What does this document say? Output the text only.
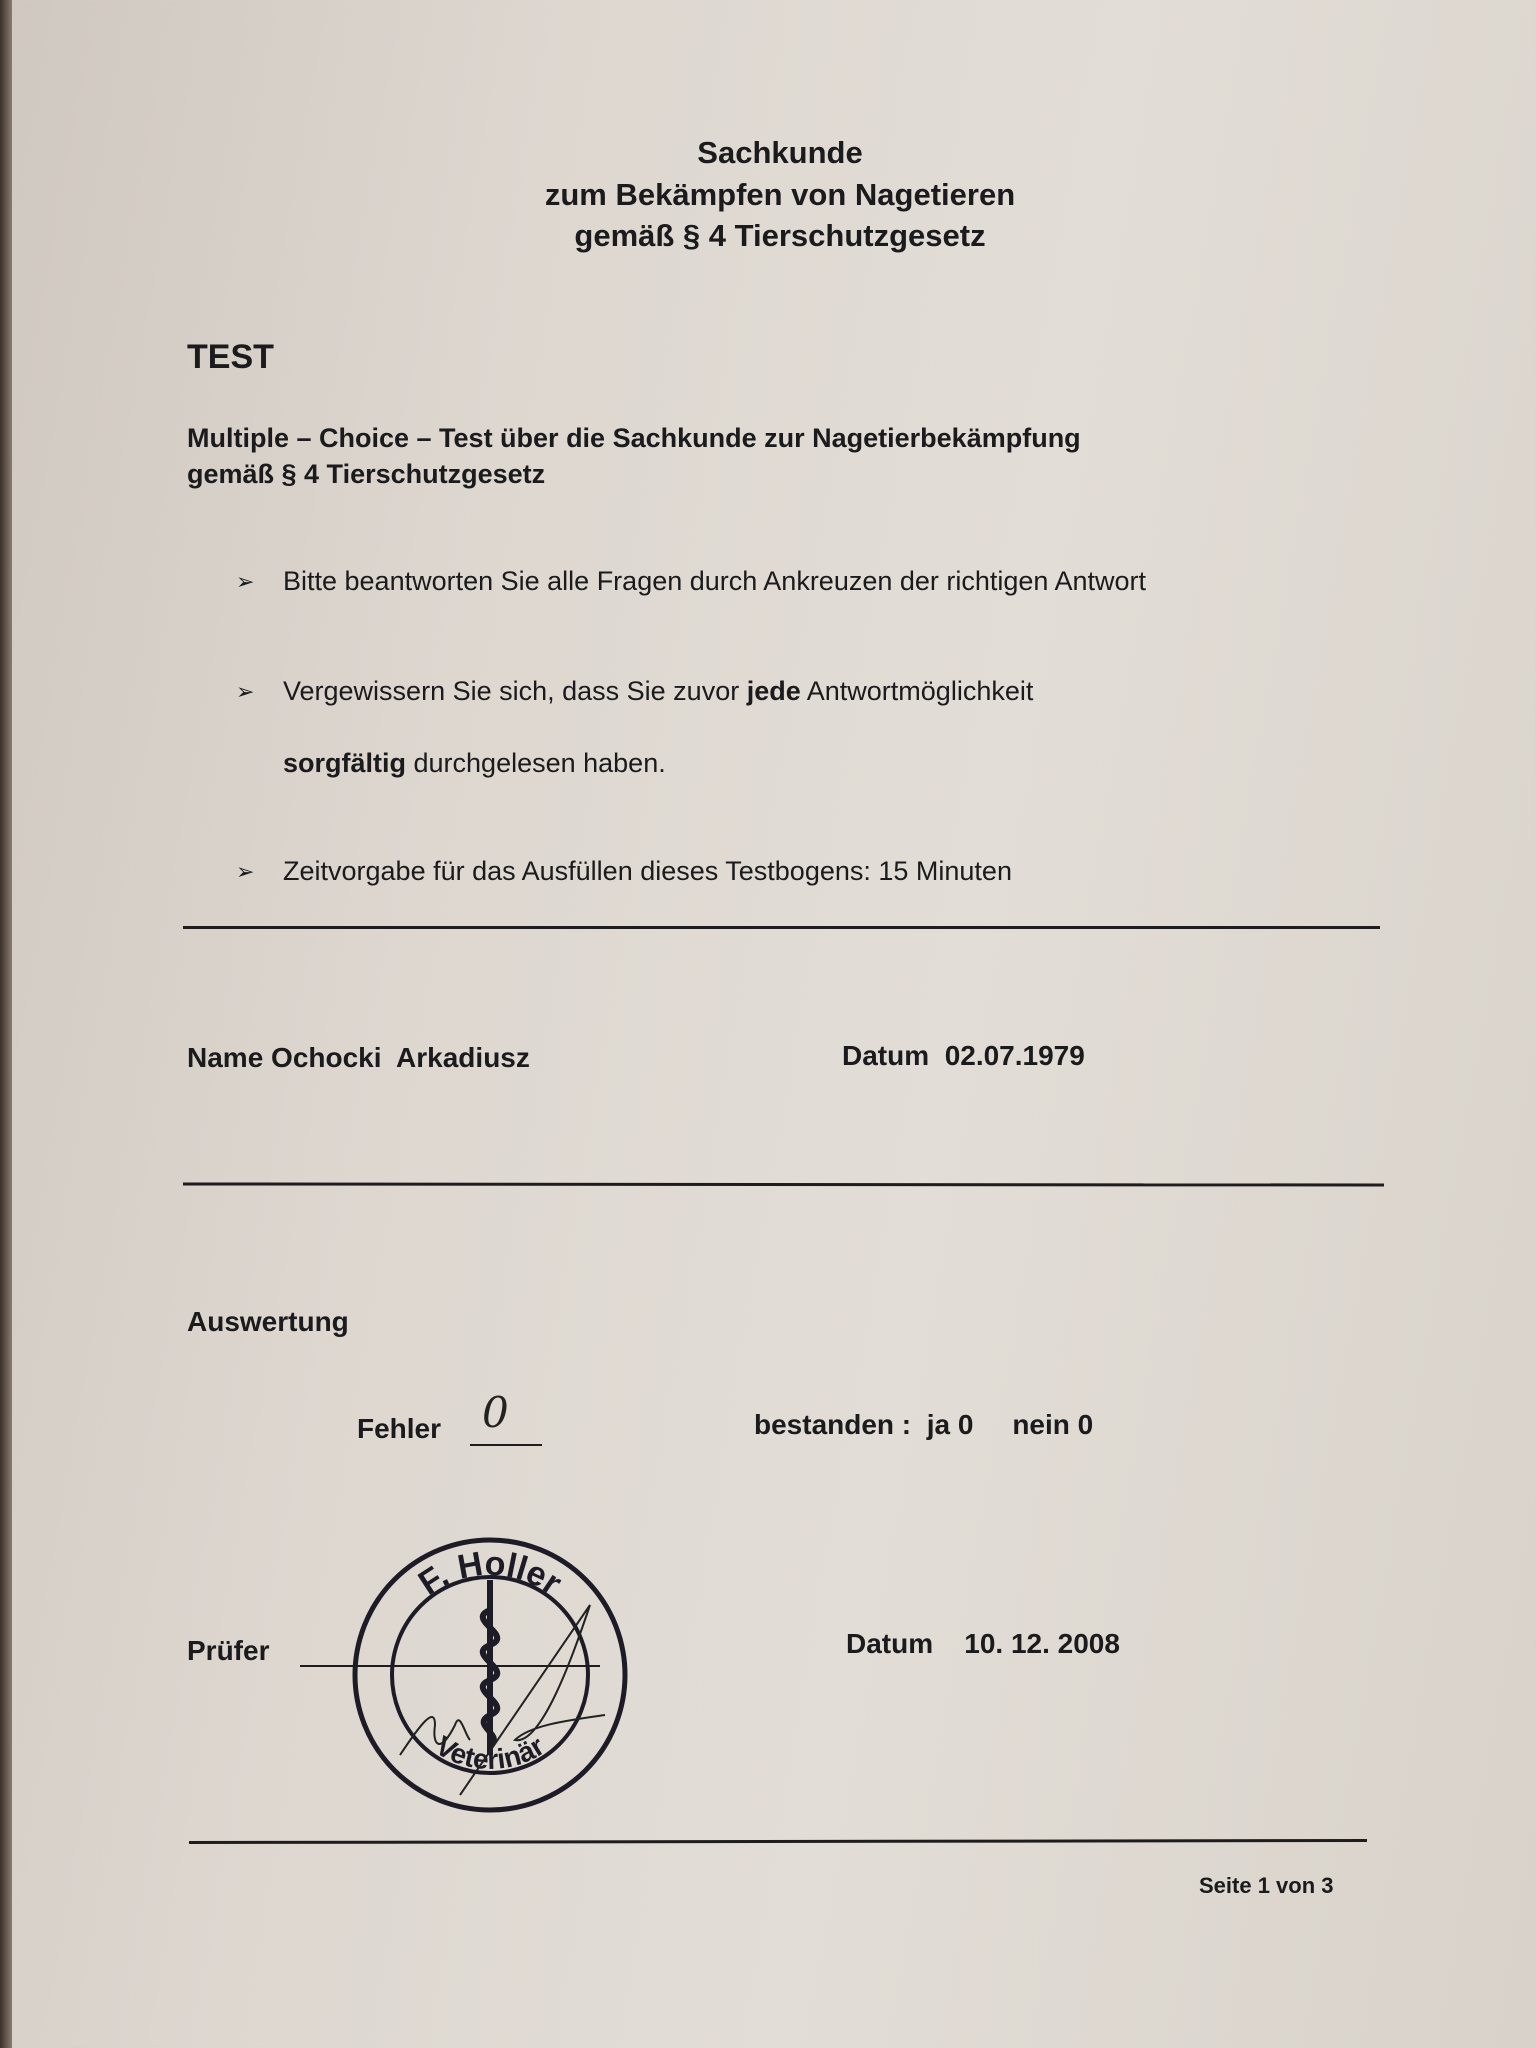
Sachkunde
zum Bekämpfen von Nagetieren
gemäß § 4 Tierschutzgesetz
TEST
Multiple – Choice – Test über die Sachkunde zur Nagetierbekämpfung
gemäß § 4 Tierschutzgesetz
➢ Bitte beantworten Sie alle Fragen durch Ankreuzen der richtigen Antwort
➢ Vergewissern Sie sich, dass Sie zuvor jede Antwortmöglichkeit
sorgfältig durchgelesen haben.
➢ Zeitvorgabe für das Ausfüllen dieses Testbogens: 15 Minuten
Name Ochocki  Arkadiusz	Datum 02.07.1979
Auswertung
Fehler 0	bestanden : ja 0 nein 0
Prüfer
F. Holler
Veterinär
Datum 10. 12. 2008
Seite 1 von 3
